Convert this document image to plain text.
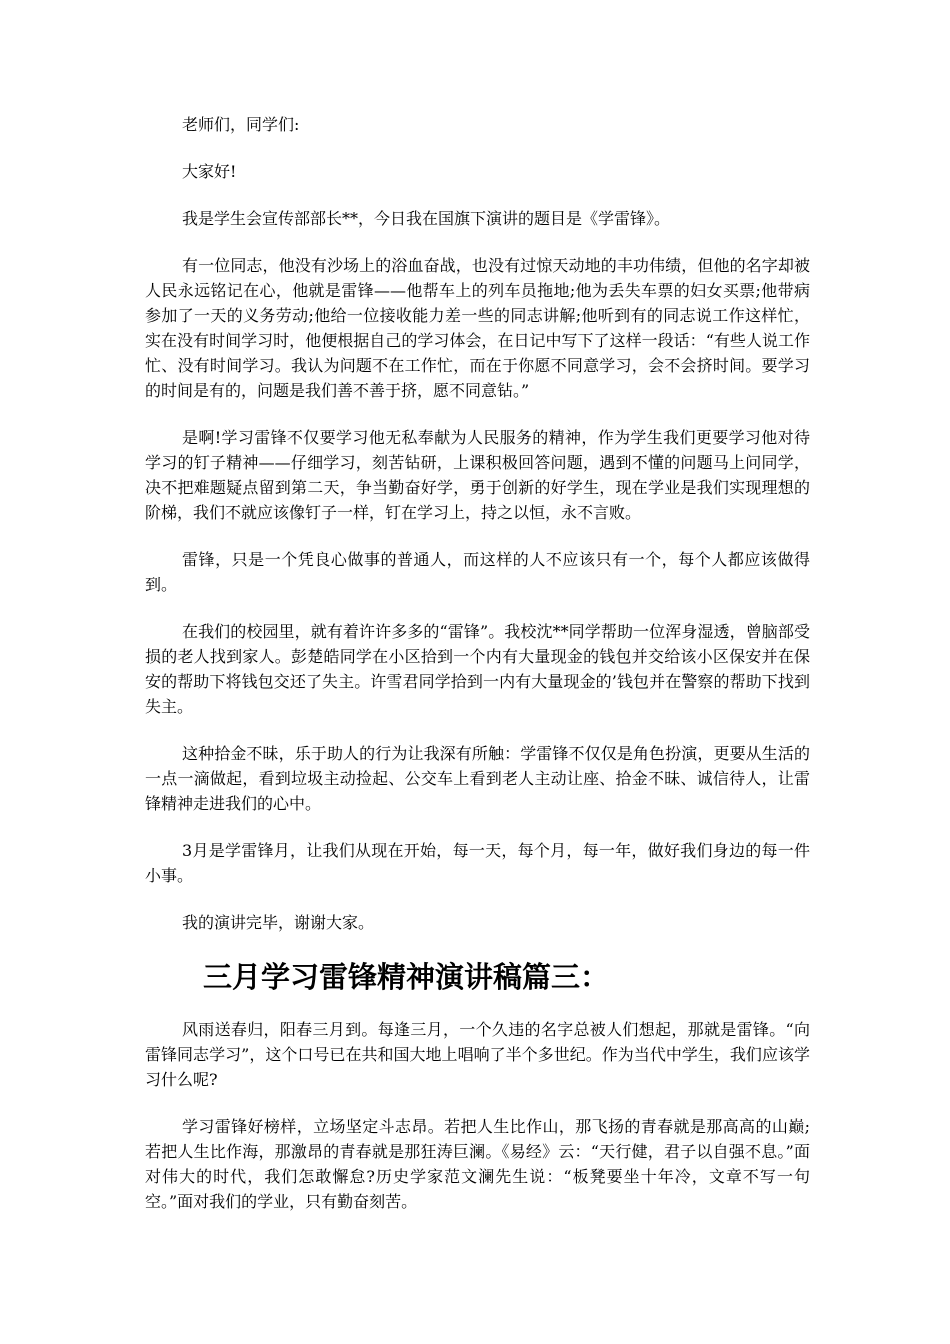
老师们，同学们:

大家好!

我是学生会宣传部部长**，今日我在国旗下演讲的题目是《学雷锋》。

有一位同志，他没有沙场上的浴血奋战，也没有过惊天动地的丰功伟绩，但他的名字却被人民永远铭记在心，他就是雷锋——他帮车上的列车员拖地;他为丢失车票的妇女买票;他带病参加了一天的义务劳动;他给一位接收能力差一些的同志讲解;他听到有的同志说工作这样忙，实在没有时间学习时，他便根据自己的学习体会，在日记中写下了这样一段话：“有些人说工作忙、没有时间学习。我认为问题不在工作忙，而在于你愿不同意学习，会不会挤时间。要学习的时间是有的，问题是我们善不善于挤，愿不同意钻。”

是啊!学习雷锋不仅要学习他无私奉献为人民服务的精神，作为学生我们更要学习他对待学习的钉子精神——仔细学习，刻苦钻研，上课积极回答问题，遇到不懂的问题马上问同学，决不把难题疑点留到第二天，争当勤奋好学，勇于创新的好学生，现在学业是我们实现理想的阶梯，我们不就应该像钉子一样，钉在学习上，持之以恒，永不言败。

雷锋，只是一个凭良心做事的普通人，而这样的人不应该只有一个，每个人都应该做得到。

在我们的校园里，就有着许许多多的“雷锋”。我校沈**同学帮助一位浑身湿透，曾脑部受损的老人找到家人。彭楚皓同学在小区拾到一个内有大量现金的钱包并交给该小区保安并在保安的帮助下将钱包交还了失主。许雪君同学拾到一内有大量现金的’钱包并在警察的帮助下找到失主。

这种拾金不昧，乐于助人的行为让我深有所触：学雷锋不仅仅是角色扮演，更要从生活的一点一滴做起，看到垃圾主动捡起、公交车上看到老人主动让座、拾金不昧、诚信待人，让雷锋精神走进我们的心中。

3月是学雷锋月，让我们从现在开始，每一天，每个月，每一年，做好我们身边的每一件小事。

我的演讲完毕，谢谢大家。

三月学习雷锋精神演讲稿篇三：

风雨送春归，阳春三月到。每逢三月，一个久违的名字总被人们想起，那就是雷锋。“向雷锋同志学习”，这个口号已在共和国大地上唱响了半个多世纪。作为当代中学生，我们应该学习什么呢?

学习雷锋好榜样，立场坚定斗志昂。若把人生比作山，那飞扬的青春就是那高高的山巅;若把人生比作海，那激昂的青春就是那狂涛巨澜。《易经》云：“天行健，君子以自强不息。”面对伟大的时代，我们怎敢懈怠?历史学家范文澜先生说：“板凳要坐十年冷，文章不写一句空。”面对我们的学业，只有勤奋刻苦。
